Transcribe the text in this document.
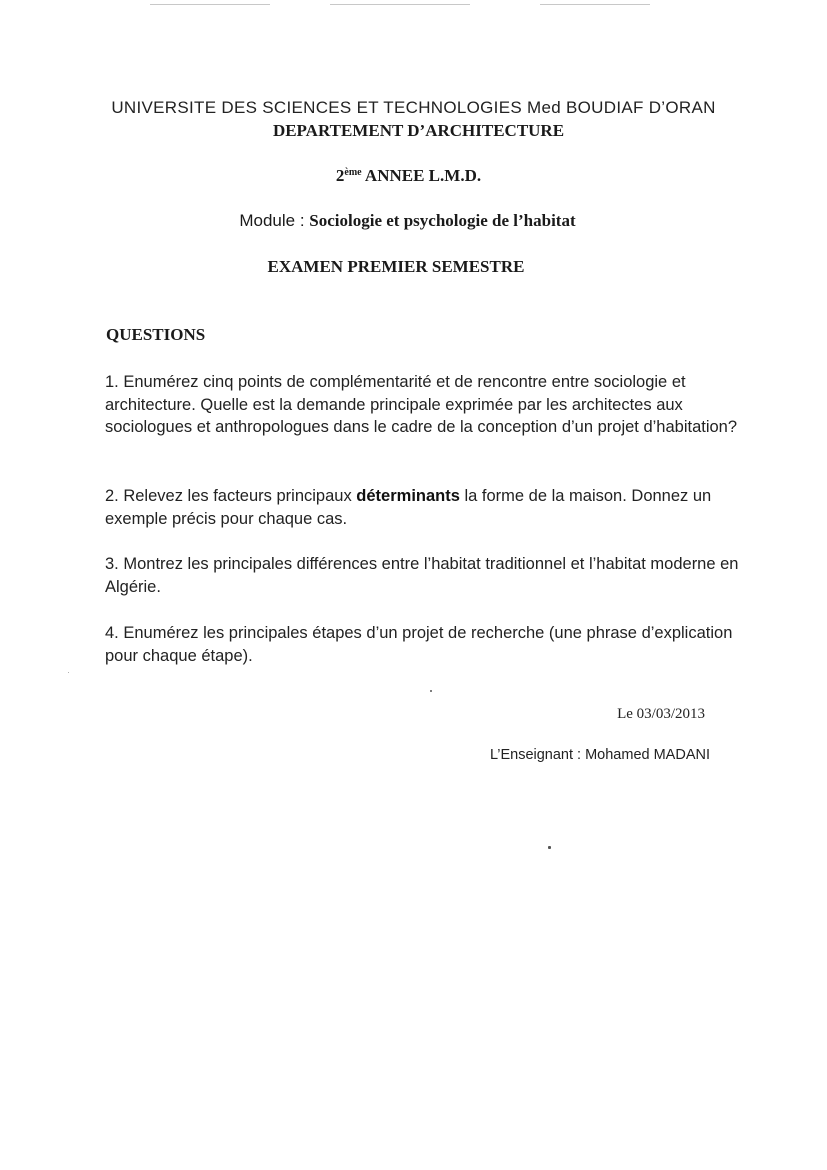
UNIVERSITE DES SCIENCES ET TECHNOLOGIES Med BOUDIAF D’ORAN
DEPARTEMENT D’ARCHITECTURE
2ème ANNEE L.M.D.
Module : Sociologie et psychologie de l’habitat
EXAMEN PREMIER SEMESTRE
QUESTIONS
1. Enumérez cinq points de complémentarité et de rencontre entre sociologie et architecture. Quelle est la demande principale exprimée par les architectes aux sociologues et anthropologues dans le cadre de la conception d’un projet d’habitation?
2. Relevez les facteurs principaux déterminants la forme de la maison. Donnez un exemple précis pour chaque cas.
3. Montrez les principales différences entre l’habitat traditionnel et l’habitat moderne en Algérie.
4. Enumérez les principales étapes d’un projet de recherche (une phrase d’explication pour chaque étape).
Le 03/03/2013
L’Enseignant : Mohamed MADANI
